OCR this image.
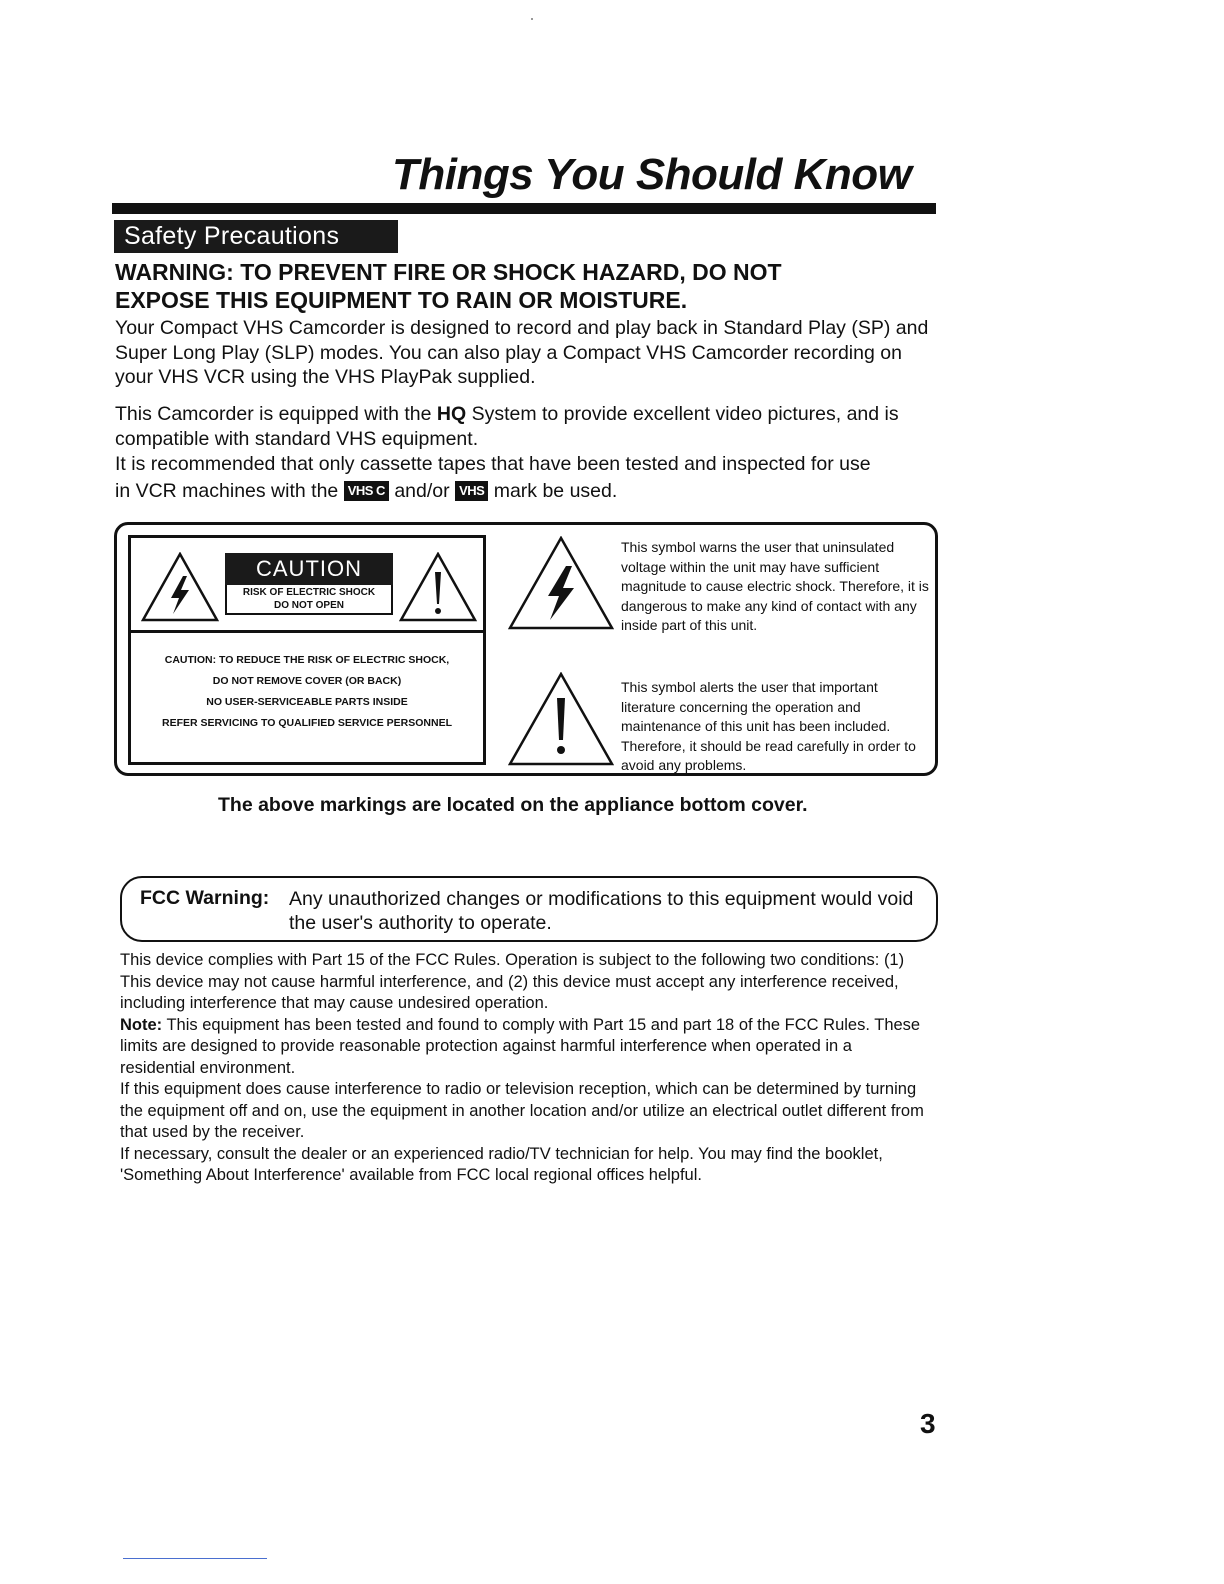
Things You Should Know
Safety Precautions
WARNING: TO PREVENT FIRE OR SHOCK HAZARD, DO NOT
EXPOSE THIS EQUIPMENT TO RAIN OR MOISTURE.

Your Compact VHS Camcorder is designed to record and play back in Standard Play (SP) and Super Long Play (SLP) modes. You can also play a Compact VHS Camcorder recording on your VHS VCR using the VHS PlayPak supplied.

This Camcorder is equipped with the HQ System to provide excellent video pictures, and is compatible with standard VHS equipment.
It is recommended that only cassette tapes that have been tested and inspected for use

in VCR machines with the VHS C and/or VHS mark be used.

CAUTION
RISK OF ELECTRIC SHOCK
DO NOT OPEN
CAUTION: TO REDUCE THE RISK OF ELECTRIC SHOCK,
DO NOT REMOVE COVER (OR BACK)
NO USER-SERVICEABLE PARTS INSIDE
REFER SERVICING TO QUALIFIED SERVICE PERSONNEL

This symbol warns the user that uninsulated voltage within the unit may have sufficient magnitude to cause electric shock. Therefore, it is dangerous to make any kind of contact with any inside part of this unit.

This symbol alerts the user that important literature concerning the operation and maintenance of this unit has been included. Therefore, it should be read carefully in order to avoid any problems.

The above markings are located on the appliance bottom cover.

FCC Warning: Any unauthorized changes or modifications to this equipment would void the user's authority to operate.

This device complies with Part 15 of the FCC Rules. Operation is subject to the following two conditions: (1) This device may not cause harmful interference, and (2) this device must accept any interference received, including interference that may cause undesired operation.
Note: This equipment has been tested and found to comply with Part 15 and part 18 of the FCC Rules. These limits are designed to provide reasonable protection against harmful interference when operated in a residential environment.
If this equipment does cause interference to radio or television reception, which can be determined by turning the equipment off and on, use the equipment in another location and/or utilize an electrical outlet different from that used by the receiver.
If necessary, consult the dealer or an experienced radio/TV technician for help. You may find the booklet, 'Something About Interference' available from FCC local regional offices helpful.

3
